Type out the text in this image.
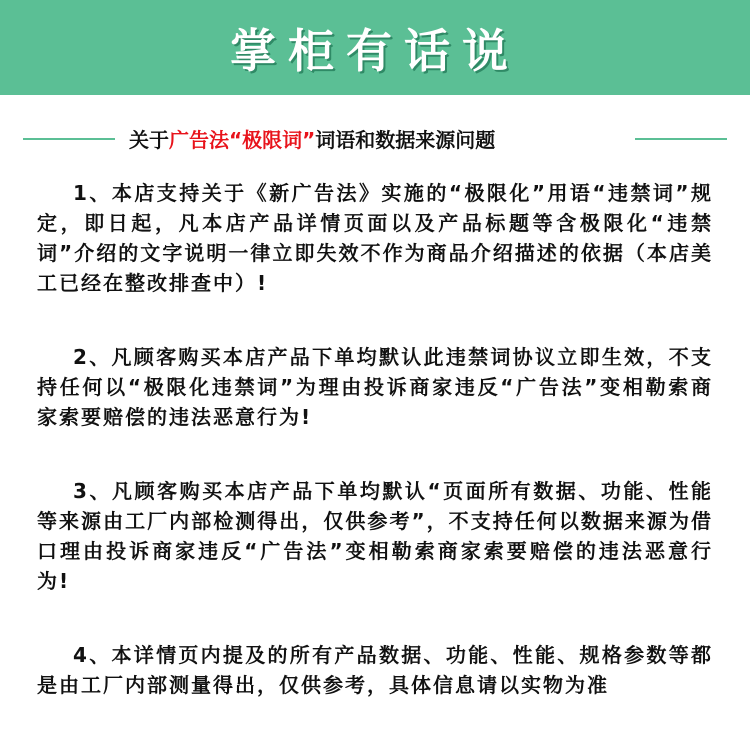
掌柜有话说
关于广告法“极限词”词语和数据来源问题

1、本店支持关于《新广告法》实施的“极限化”用语“违禁词”规定，即日起，凡本店产品详情页面以及产品标题等含极限化“违禁词”介绍的文字说明一律立即失效不作为商品介绍描述的依据（本店美工已经在整改排查中）!

2、凡顾客购买本店产品下单均默认此违禁词协议立即生效，不支持任何以“极限化违禁词”为理由投诉商家违反“广告法”变相勒索商家索要赔偿的违法恶意行为!

3、凡顾客购买本店产品下单均默认“页面所有数据、功能、性能等来源由工厂内部检测得出，仅供参考”，不支持任何以数据来源为借口理由投诉商家违反“广告法”变相勒索商家索要赔偿的违法恶意行为!

4、本详情页内提及的所有产品数据、功能、性能、规格参数等都是由工厂内部测量得出，仅供参考，具体信息请以实物为准
